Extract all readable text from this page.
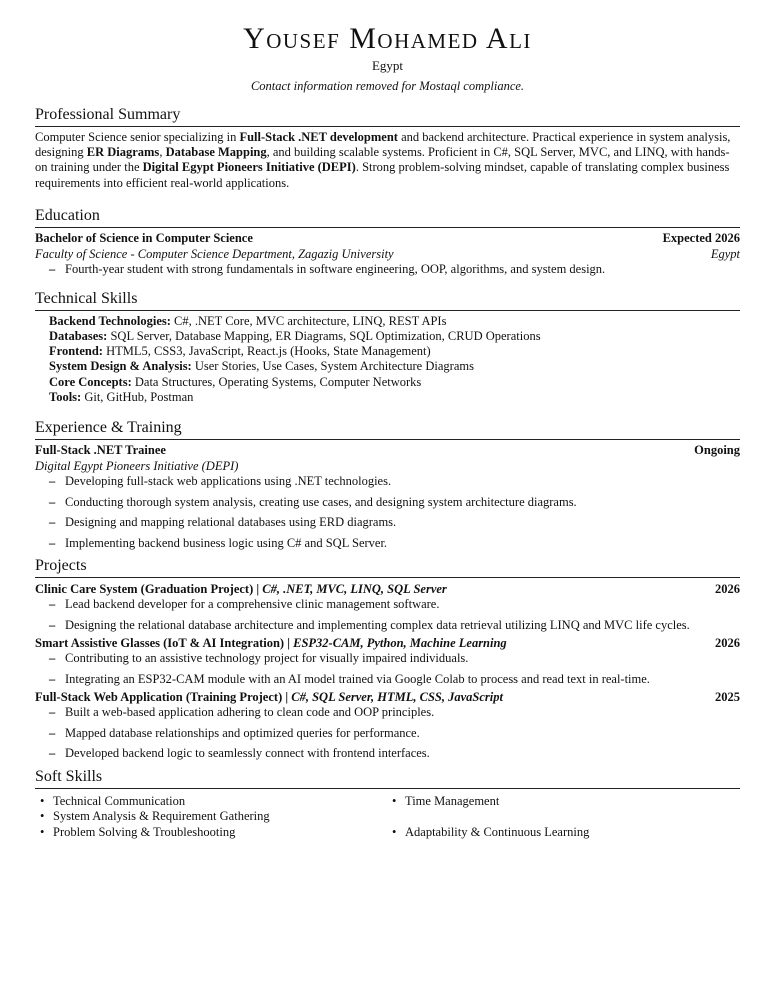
Yousef Mohamed Ali
Egypt
Contact information removed for Mostaql compliance.
Professional Summary
Computer Science senior specializing in Full-Stack .NET development and backend architecture. Practical experience in system analysis, designing ER Diagrams, Database Mapping, and building scalable systems. Proficient in C#, SQL Server, MVC, and LINQ, with hands-on training under the Digital Egypt Pioneers Initiative (DEPI). Strong problem-solving mindset, capable of translating complex business requirements into efficient real-world applications.
Education
Bachelor of Science in Computer Science	Expected 2026
Faculty of Science - Computer Science Department, Zagazig University	Egypt
– Fourth-year student with strong fundamentals in software engineering, OOP, algorithms, and system design.
Technical Skills
Backend Technologies: C#, .NET Core, MVC architecture, LINQ, REST APIs
Databases: SQL Server, Database Mapping, ER Diagrams, SQL Optimization, CRUD Operations
Frontend: HTML5, CSS3, JavaScript, React.js (Hooks, State Management)
System Design & Analysis: User Stories, Use Cases, System Architecture Diagrams
Core Concepts: Data Structures, Operating Systems, Computer Networks
Tools: Git, GitHub, Postman
Experience & Training
Full-Stack .NET Trainee	Ongoing
Digital Egypt Pioneers Initiative (DEPI)
– Developing full-stack web applications using .NET technologies.
– Conducting thorough system analysis, creating use cases, and designing system architecture diagrams.
– Designing and mapping relational databases using ERD diagrams.
– Implementing backend business logic using C# and SQL Server.
Projects
Clinic Care System (Graduation Project) | C#, .NET, MVC, LINQ, SQL Server	2026
– Lead backend developer for a comprehensive clinic management software.
– Designing the relational database architecture and implementing complex data retrieval utilizing LINQ and MVC life cycles.
Smart Assistive Glasses (IoT & AI Integration) | ESP32-CAM, Python, Machine Learning	2026
– Contributing to an assistive technology project for visually impaired individuals.
– Integrating an ESP32-CAM module with an AI model trained via Google Colab to process and read text in real-time.
Full-Stack Web Application (Training Project) | C#, SQL Server, HTML, CSS, JavaScript	2025
– Built a web-based application adhering to clean code and OOP principles.
– Mapped database relationships and optimized queries for performance.
– Developed backend logic to seamlessly connect with frontend interfaces.
Soft Skills
• Technical Communication	• Time Management
• System Analysis & Requirement Gathering
• Problem Solving & Troubleshooting	• Adaptability & Continuous Learning
